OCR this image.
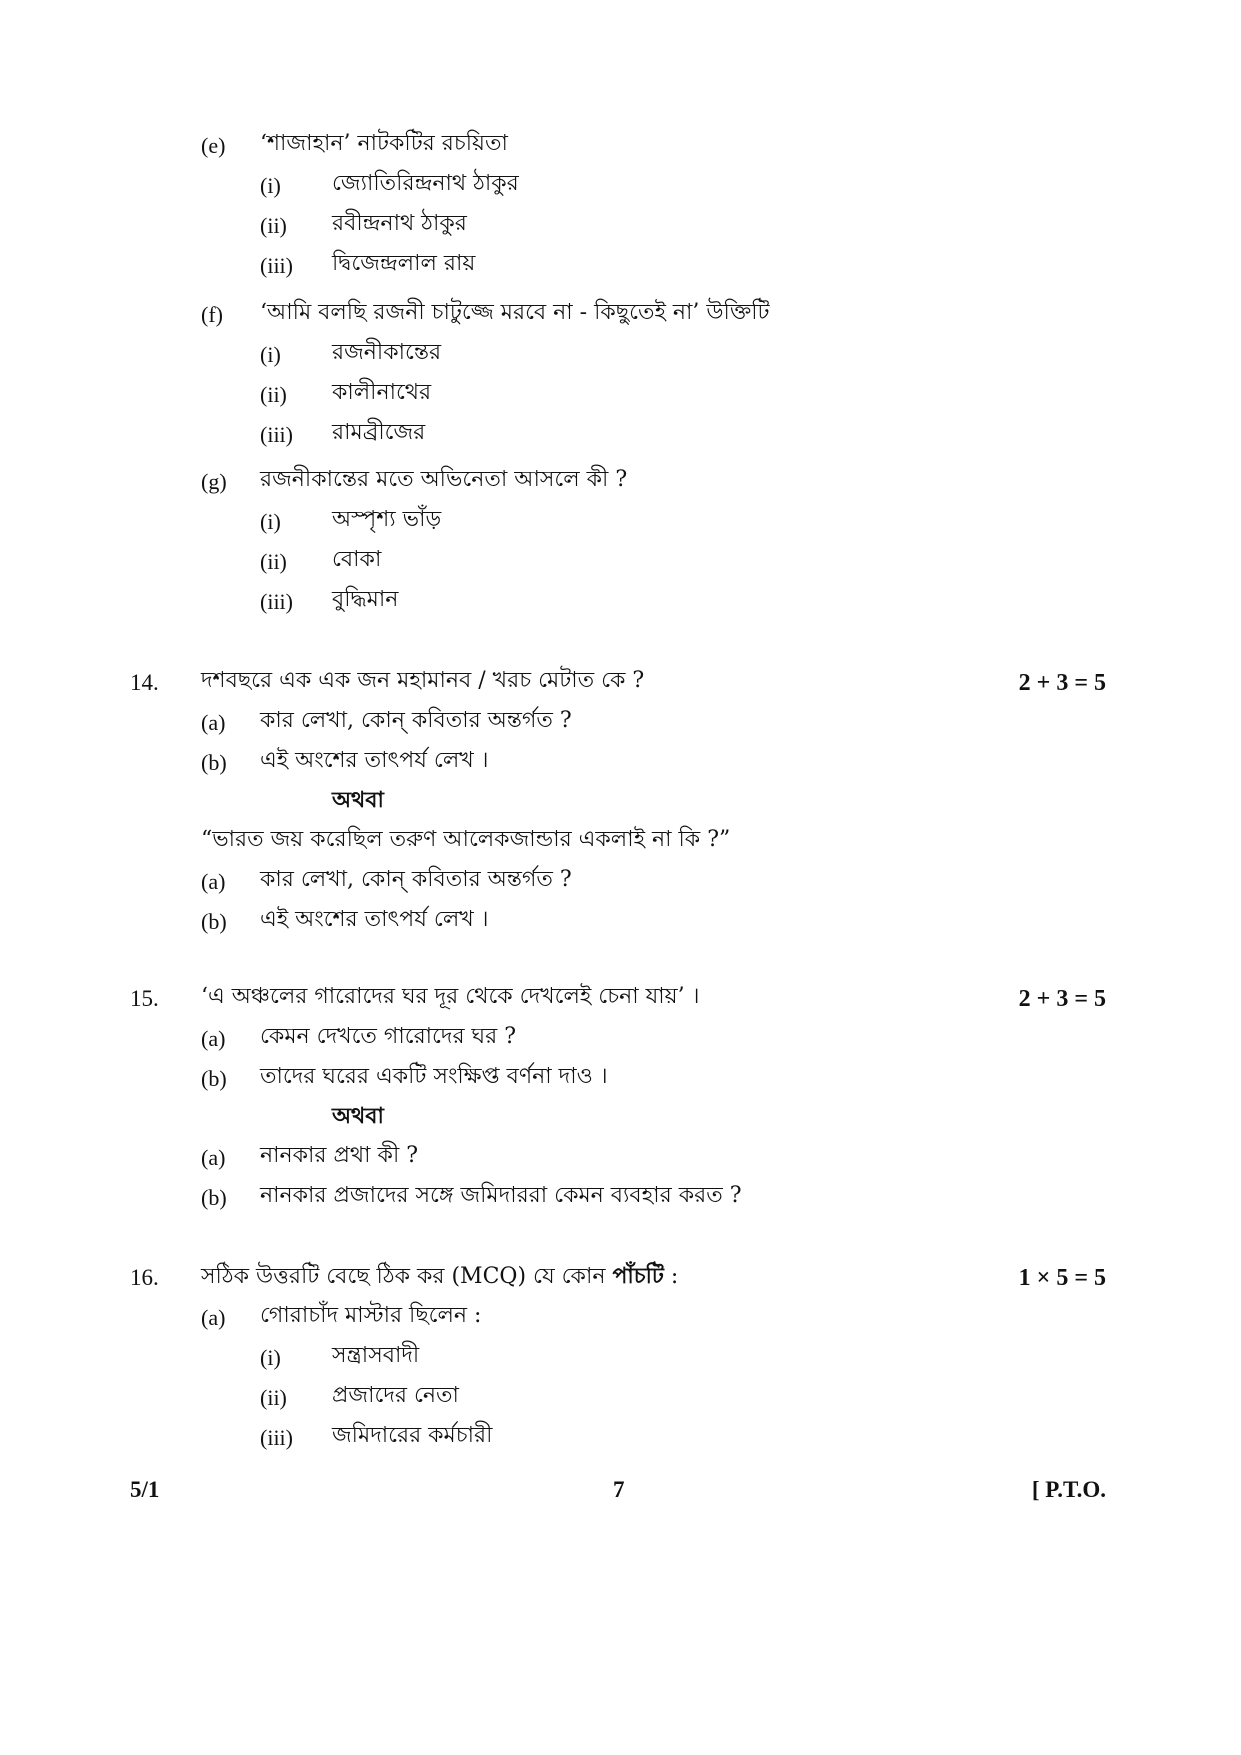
(e) ‘শাজাহান’ নাটকটির রচয়িতা
(i) জ্যোতিরিন্দ্রনাথ ঠাকুর
(ii) রবীন্দ্রনাথ ঠাকুর
(iii) দ্বিজেন্দ্রলাল রায়
(f) ‘আমি বলছি রজনী চাটুজ্জে মরবে না - কিছুতেই না’ উক্তিটি
(i) রজনীকান্তের
(ii) কালীনাথের
(iii) রামব্রীজের
(g) রজনীকান্তের মতে অভিনেতা আসলে কী ?
(i) অস্পৃশ্য ভাঁড়
(ii) বোকা
(iii) বুদ্ধিমান
14. দশবছরে এক এক জন মহামানব / খরচ মেটাত কে ?	2 + 3 = 5
(a) কার লেখা, কোন্ কবিতার অন্তর্গত ?
(b) এই অংশের তাৎপর্য লেখ ।
অথবা
“ভারত জয় করেছিল তরুণ আলেকজান্ডার একলাই না কি ?”
(a) কার লেখা, কোন্ কবিতার অন্তর্গত ?
(b) এই অংশের তাৎপর্য লেখ ।
15. ‘এ অঞ্চলের গারোদের ঘর দূর থেকে দেখলেই চেনা যায়’ ।	2 + 3 = 5
(a) কেমন দেখতে গারোদের ঘর ?
(b) তাদের ঘরের একটি সংক্ষিপ্ত বর্ণনা দাও ।
অথবা
(a) নানকার প্রথা কী ?
(b) নানকার প্রজাদের সঙ্গে জমিদাররা কেমন ব্যবহার করত ?
16. সঠিক উত্তরটি বেছে ঠিক কর (MCQ) যে কোন পাঁচটি :	1 × 5 = 5
(a) গোরাচাঁদ মাস্টার ছিলেন :
(i) সন্ত্রাসবাদী
(ii) প্রজাদের নেতা
(iii) জমিদারের কর্মচারী
5/1	7	[ P.T.O.
